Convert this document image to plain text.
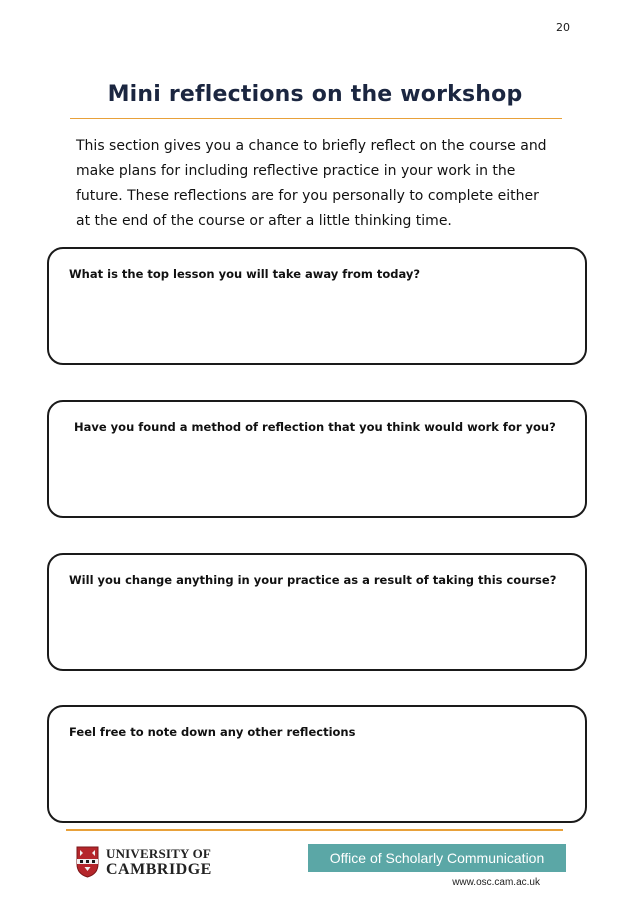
20
Mini reflections on the workshop
This section gives you a chance to briefly reflect on the course and make plans for including reflective practice in your work in the future. These reflections are for you personally to complete either at the end of the course or after a little thinking time.
What is the top lesson you will take away from today?
Have you found a method of reflection that you think would work for you?
Will you change anything in your practice as a result of taking this course?
Feel free to note down any other reflections
UNIVERSITY OF
CAMBRIDGE
Office of Scholarly Communication
www.osc.cam.ac.uk
